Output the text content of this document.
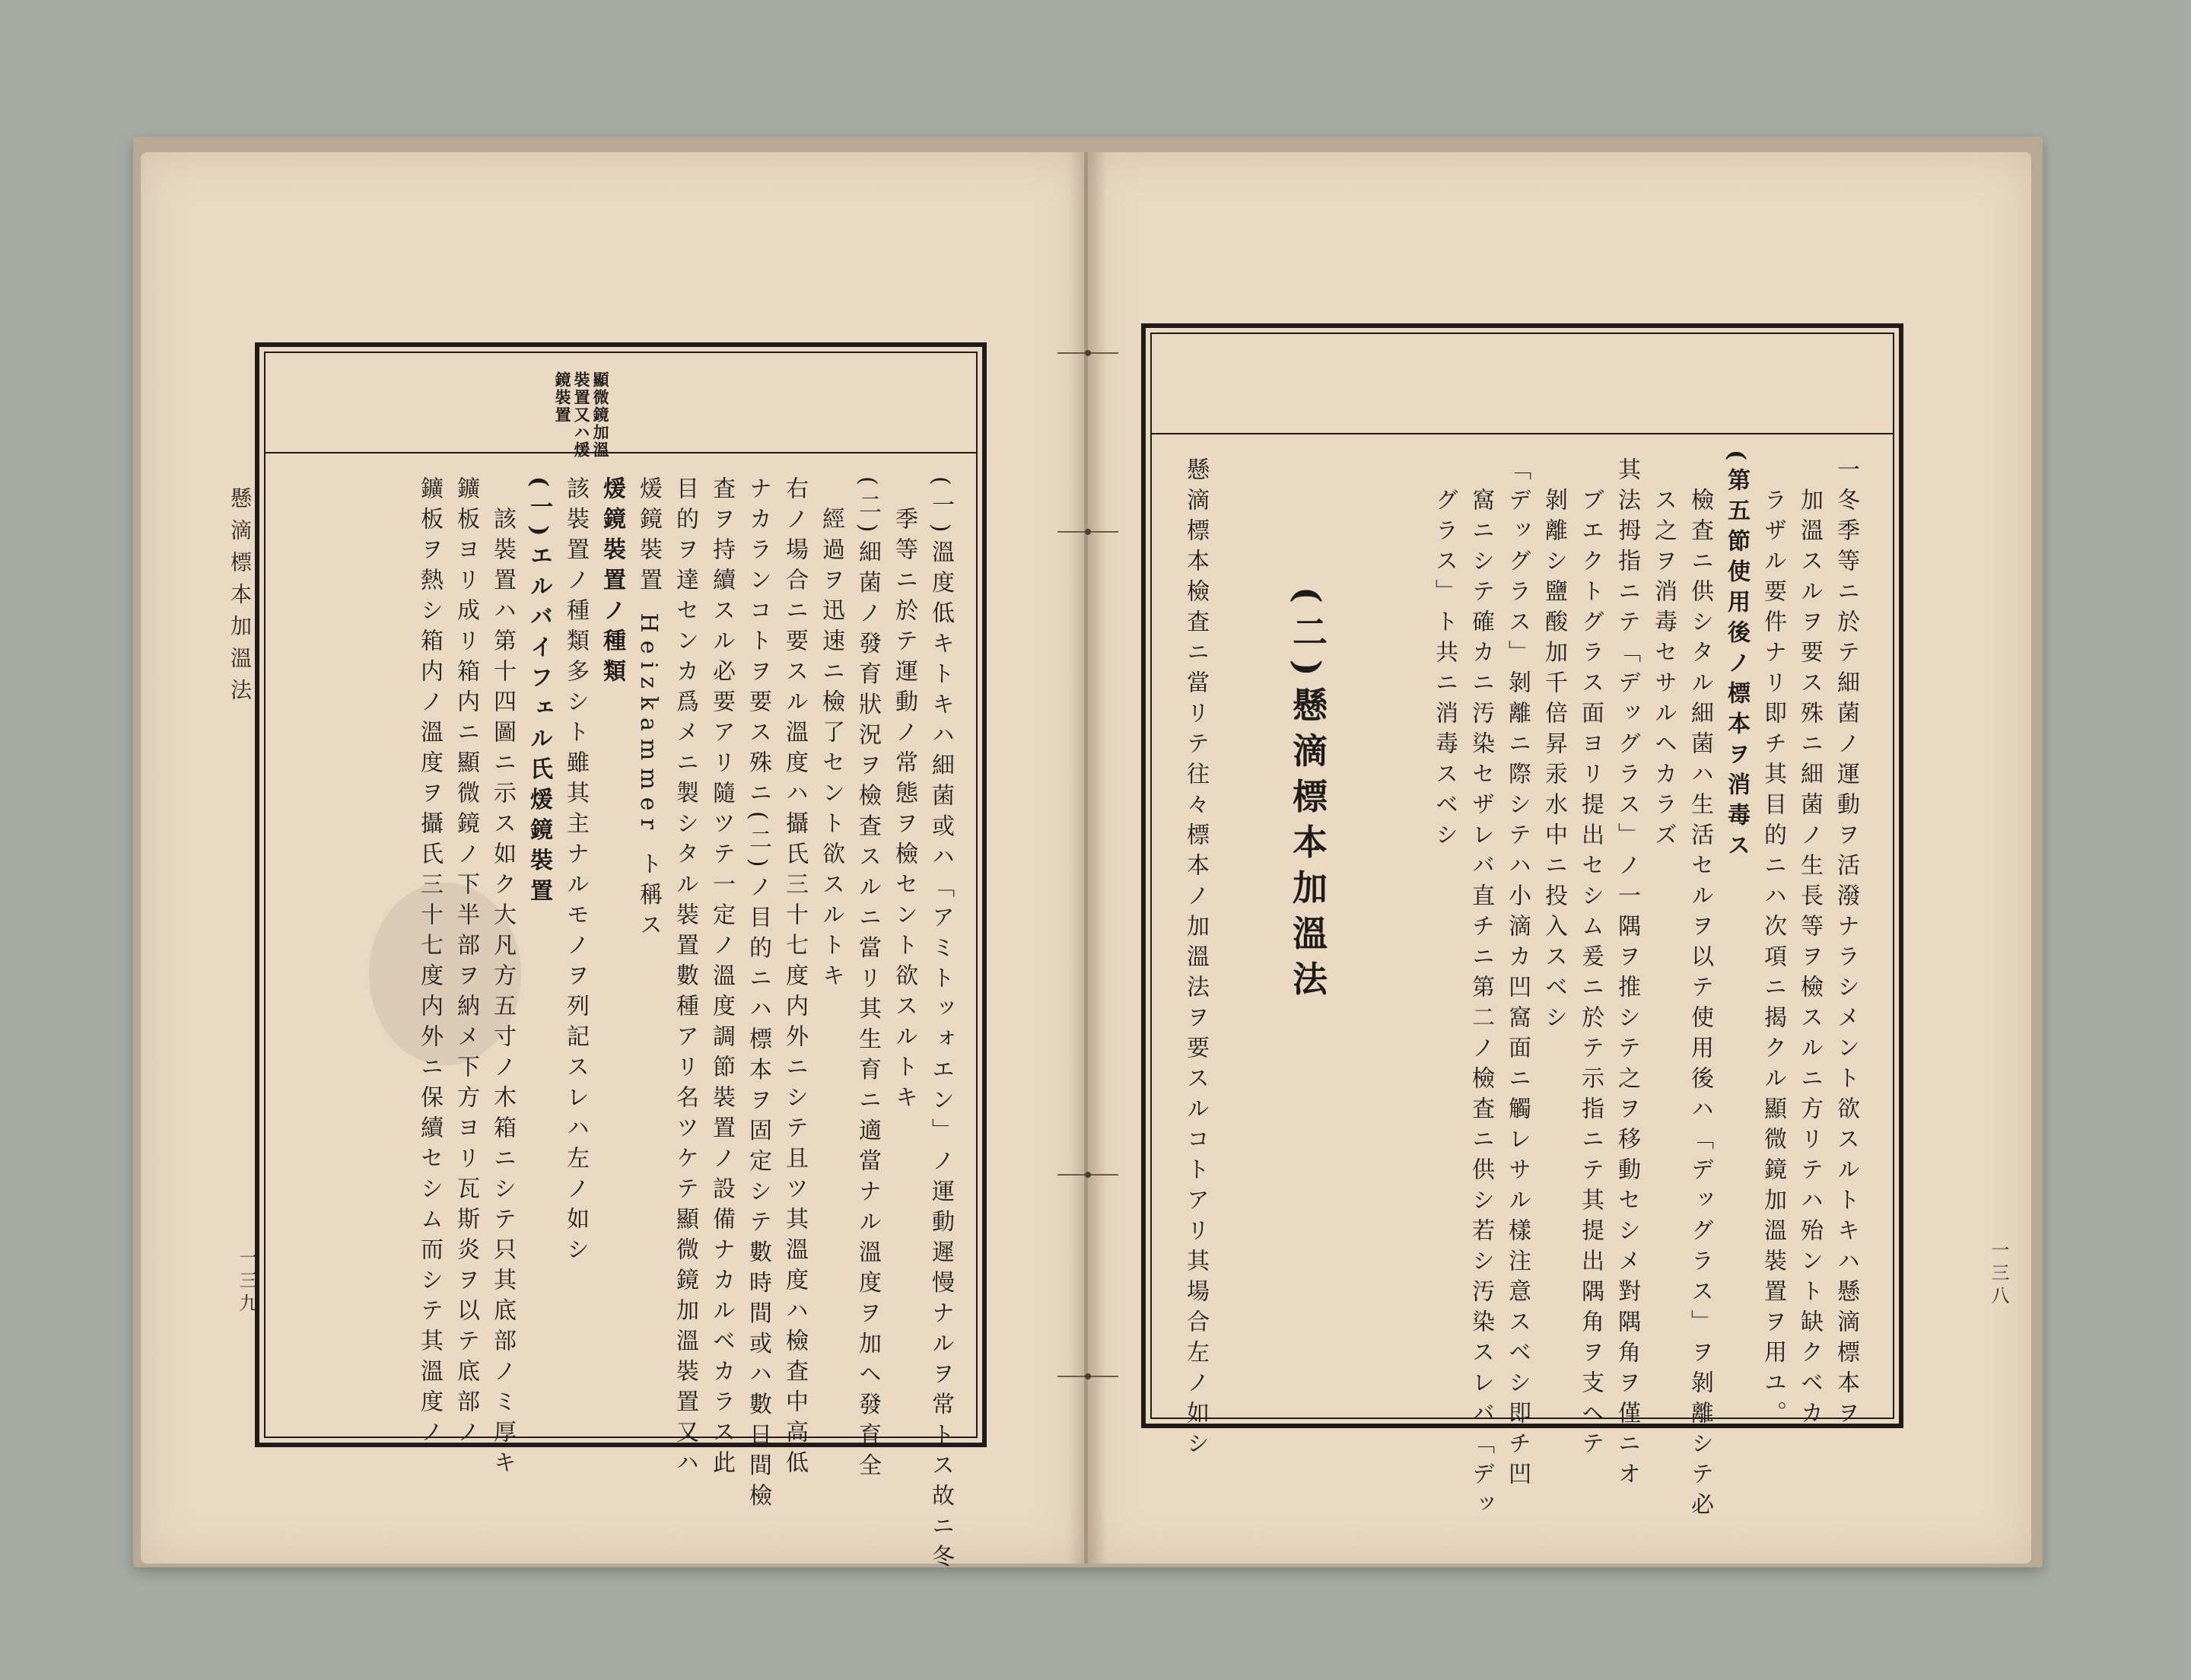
懸滴標本加溫法
一三九
顯微鏡加溫
裝置又ハ煖
鏡裝置
(一)溫度低キトキハ細菌或ハ「アミトッォエン」ノ運動遲慢ナルヲ常トス故ニ冬
季等ニ於テ運動ノ常態ヲ檢セント欲スルトキ
(二)細菌ノ發育狀況ヲ檢査スルニ當リ其生育ニ適當ナル溫度ヲ加ヘ發育全
經過ヲ迅速ニ檢了セント欲スルトキ
右ノ場合ニ要スル溫度ハ攝氏三十七度内外ニシテ且ツ其溫度ハ檢査中高低
ナカランコトヲ要ス殊ニ(二)ノ目的ニハ標本ヲ固定シテ數時間或ハ數日間檢
査ヲ持續スル必要アリ隨ツテ一定ノ溫度調節裝置ノ設備ナカルベカラス此
目的ヲ達センカ爲メニ製シタル裝置數種アリ名ツケテ顯微鏡加溫裝置又ハ
煖鏡裝置 Heizkammer ト稱ス
煖鏡裝置ノ種類
該裝置ノ種類多シト雖其主ナルモノヲ列記スレハ左ノ如シ
(一)エルバイフェル氏煖鏡裝置
該裝置ハ第十四圖ニ示ス如ク大凡方五寸ノ木箱ニシテ只其底部ノミ厚キ
鑛板ヨリ成リ箱内ニ顯微鏡ノ下半部ヲ納メ下方ヨリ瓦斯炎ヲ以テ底部ノ
鑛板ヲ熱シ箱内ノ溫度ヲ攝氏三十七度内外ニ保續セシム而シテ其溫度ノ	一三八
一冬季等ニ於テ細菌ノ運動ヲ活潑ナラシメント欲スルトキハ懸滴標本ヲ
加溫スルヲ要ス殊ニ細菌ノ生長等ヲ檢スルニ方リテハ殆ント缺クベカ
ラザル要件ナリ即チ其目的ニハ次項ニ揭クル顯微鏡加溫裝置ヲ用ユ。
(第五節使用後ノ標本ヲ消毒ス
檢査ニ供シタル細菌ハ生活セルヲ以テ使用後ハ「デッグラス」ヲ剝離シテ必
ス之ヲ消毒セサルヘカラズ
其法拇指ニテ「デッグラス」ノ一隅ヲ推シテ之ヲ移動セシメ對隅角ヲ僅ニオ
ブエクトグラス面ヨリ提出セシム爰ニ於テ示指ニテ其提出隅角ヲ支ヘテ
剝離シ鹽酸加千倍昇汞水中ニ投入スベシ
「デッグラス」剝離ニ際シテハ小滴カ凹窩面ニ觸レサル樣注意スベシ即チ凹
窩ニシテ確カニ汚染セザレバ直チニ第二ノ檢査ニ供シ若シ汚染スレバ「デッ
グラス」ト共ニ消毒スベシ
(二)懸滴標本加溫法
懸滴標本檢査ニ當リテ往々標本ノ加溫法ヲ要スルコトアリ其場合左ノ如シ
